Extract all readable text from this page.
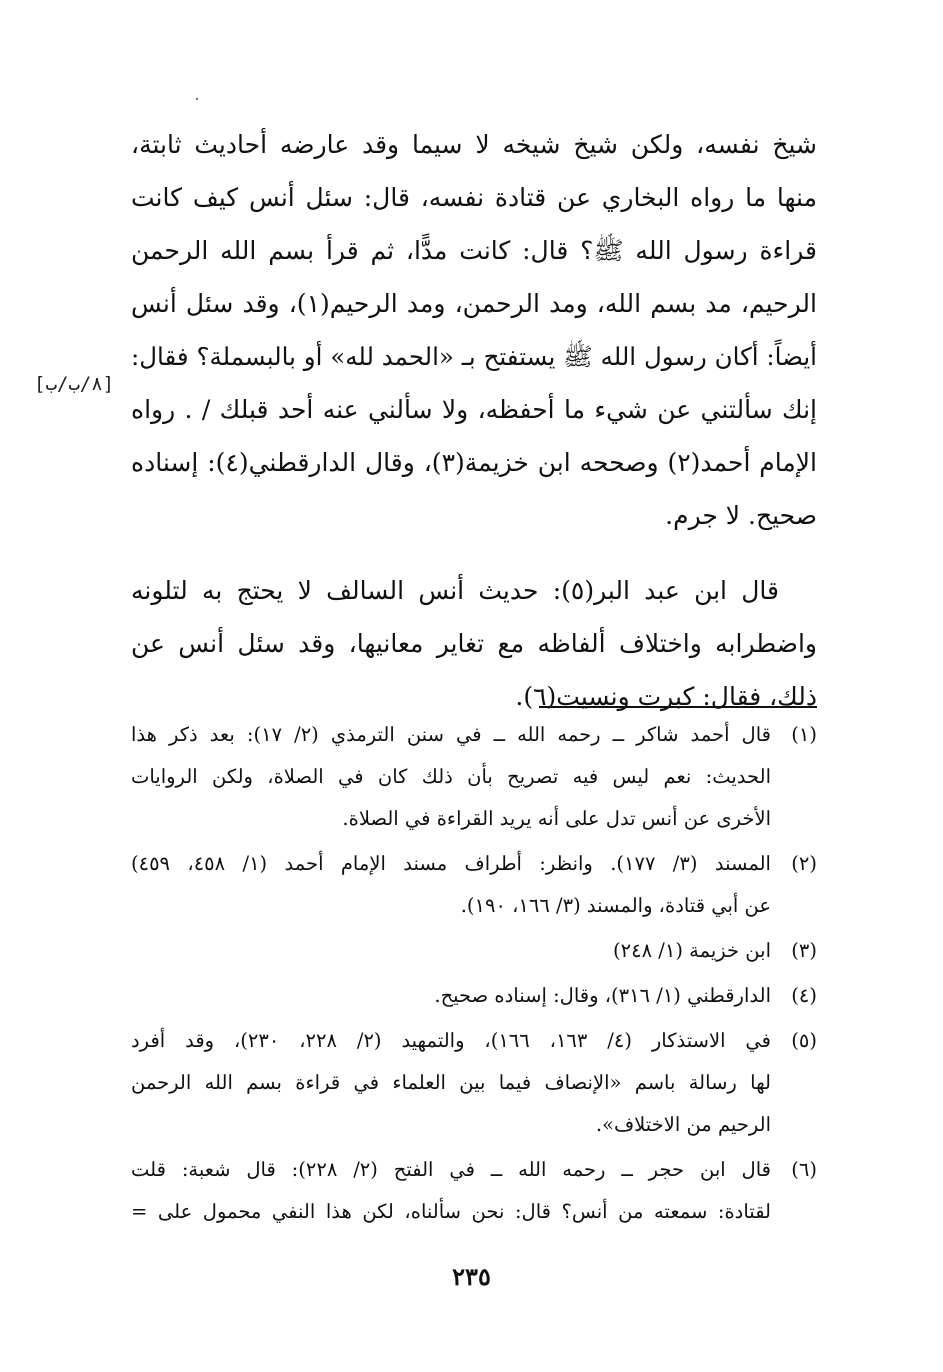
شيخ نفسه، ولكن شيخ شيخه لا سيما وقد عارضه أحاديث ثابتة،
منها ما رواه البخاري عن قتادة نفسه، قال: سئل أنس كيف كانت
قراءة رسول الله ﷺ؟ قال: كانت مدًّا، ثم قرأ بسم الله الرحمن
الرحيم، مد بسم الله، ومد الرحمن، ومد الرحيم(١)، وقد سئل أنس
أيضاً: أكان رسول الله ﷺ يستفتح بـ «الحمد لله» أو بالبسملة؟ فقال:
إنك سألتني عن شيء ما أحفظه، ولا سألني عنه أحد قبلك / . رواه
الإمام أحمد(٢) وصححه ابن خزيمة(٣)، وقال الدارقطني(٤): إسناده
صحيح. لا جرم.

قال ابن عبد البر(٥): حديث أنس السالف لا يحتج به لتلونه
واضطرابه واختلاف ألفاظه مع تغاير معانيها، وقد سئل أنس عن
ذلك، فقال: كبرت ونسيت(٦).

[٨/ب/ب]
(١)
قال أحمد شاكر ــ رحمه الله ــ في سنن الترمذي (٢/ ١٧): بعد ذكر هذا
الحديث: نعم ليس فيه تصريح بأن ذلك كان في الصلاة، ولكن الروايات
الأخرى عن أنس تدل على أنه يريد القراءة في الصلاة.
(٢)
المسند (٣/ ١٧٧). وانظر: أطراف مسند الإمام أحمد (١/ ٤٥٨، ٤٥٩)
عن أبي قتادة، والمسند (٣/ ١٦٦، ١٩٠).
(٣)
ابن خزيمة (١/ ٢٤٨)
(٤)
الدارقطني (١/ ٣١٦)، وقال: إسناده صحيح.
(٥)
في الاستذكار (٤/ ١٦٣، ١٦٦)، والتمهيد (٢/ ٢٢٨، ٢٣٠)، وقد أفرد
لها رسالة باسم «الإنصاف فيما بين العلماء في قراءة بسم الله الرحمن
الرحيم من الاختلاف».
(٦)
قال ابن حجر ــ رحمه الله ــ في الفتح (٢/ ٢٢٨): قال شعبة: قلت
لقتادة: سمعته من أنس؟ قال: نحن سألناه، لكن هذا النفي محمول على =
٢٣٥
